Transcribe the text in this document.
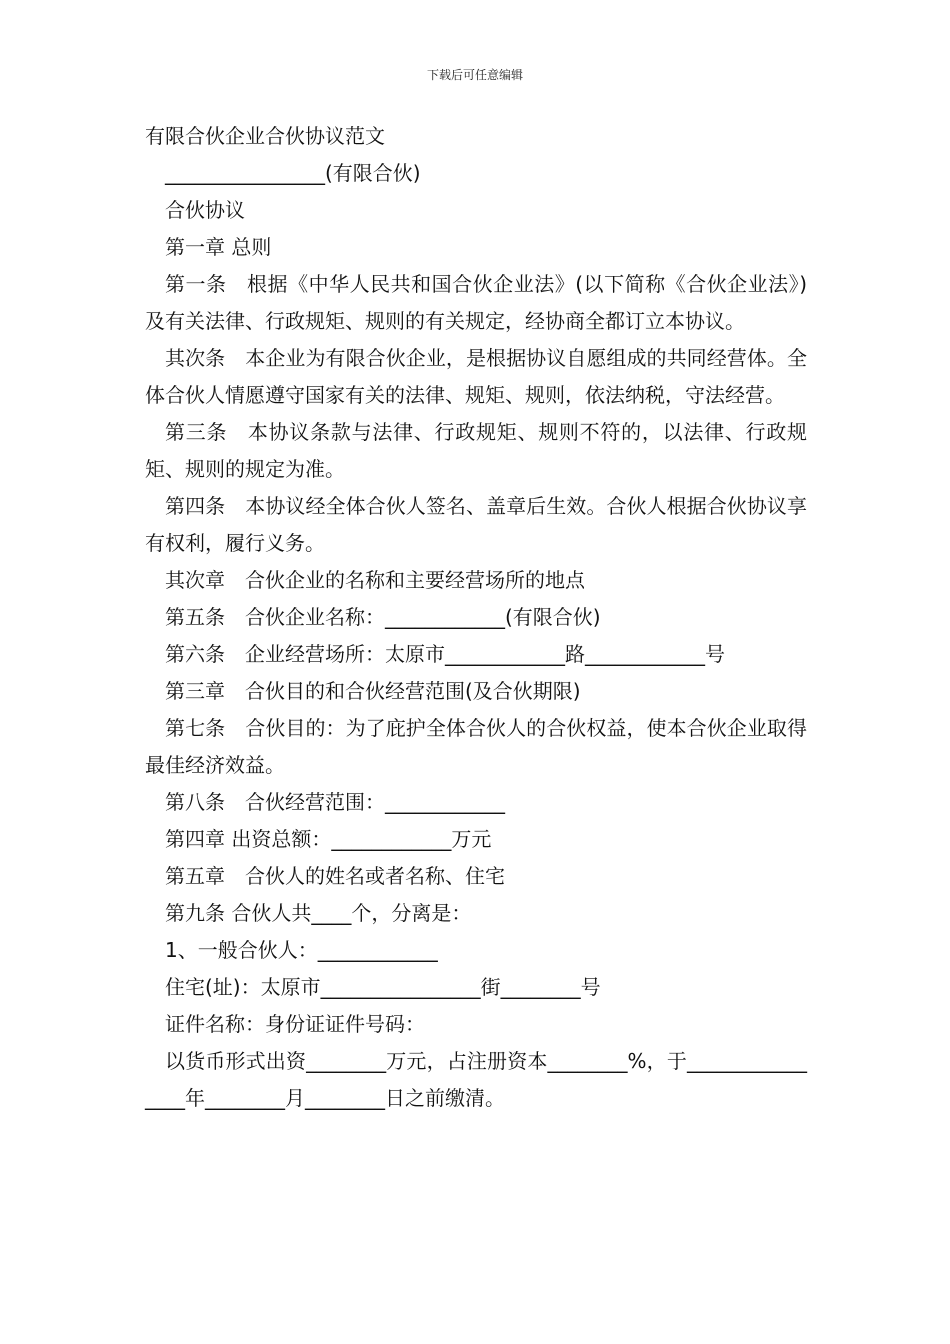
下载后可任意编辑

有限合伙企业合伙协议范文

________________(有限合伙)

合伙协议

第一章 总则

第一条　根据《中华人民共和国合伙企业法》(以下简称《合伙企业法》)及有关法律、行政规矩、规则的有关规定，经协商全都订立本协议。

其次条　本企业为有限合伙企业，是根据协议自愿组成的共同经营体。全体合伙人情愿遵守国家有关的法律、规矩、规则，依法纳税，守法经营。

第三条　本协议条款与法律、行政规矩、规则不符的，以法律、行政规矩、规则的规定为准。

第四条　本协议经全体合伙人签名、盖章后生效。合伙人根据合伙协议享有权利，履行义务。

其次章　合伙企业的名称和主要经营场所的地点

第五条　合伙企业名称：____________(有限合伙)

第六条　企业经营场所：太原市____________路____________号

第三章　合伙目的和合伙经营范围(及合伙期限)

第七条　合伙目的：为了庇护全体合伙人的合伙权益，使本合伙企业取得最佳经济效益。

第八条　合伙经营范围：____________

第四章 出资总额：____________万元

第五章　合伙人的姓名或者名称、住宅

第九条 合伙人共____个，分离是：

1、一般合伙人：____________

住宅(址)：太原市________________街________号

证件名称：身份证证件号码：

以货币形式出资________万元，占注册资本________%，于________________年________月________日之前缴清。
